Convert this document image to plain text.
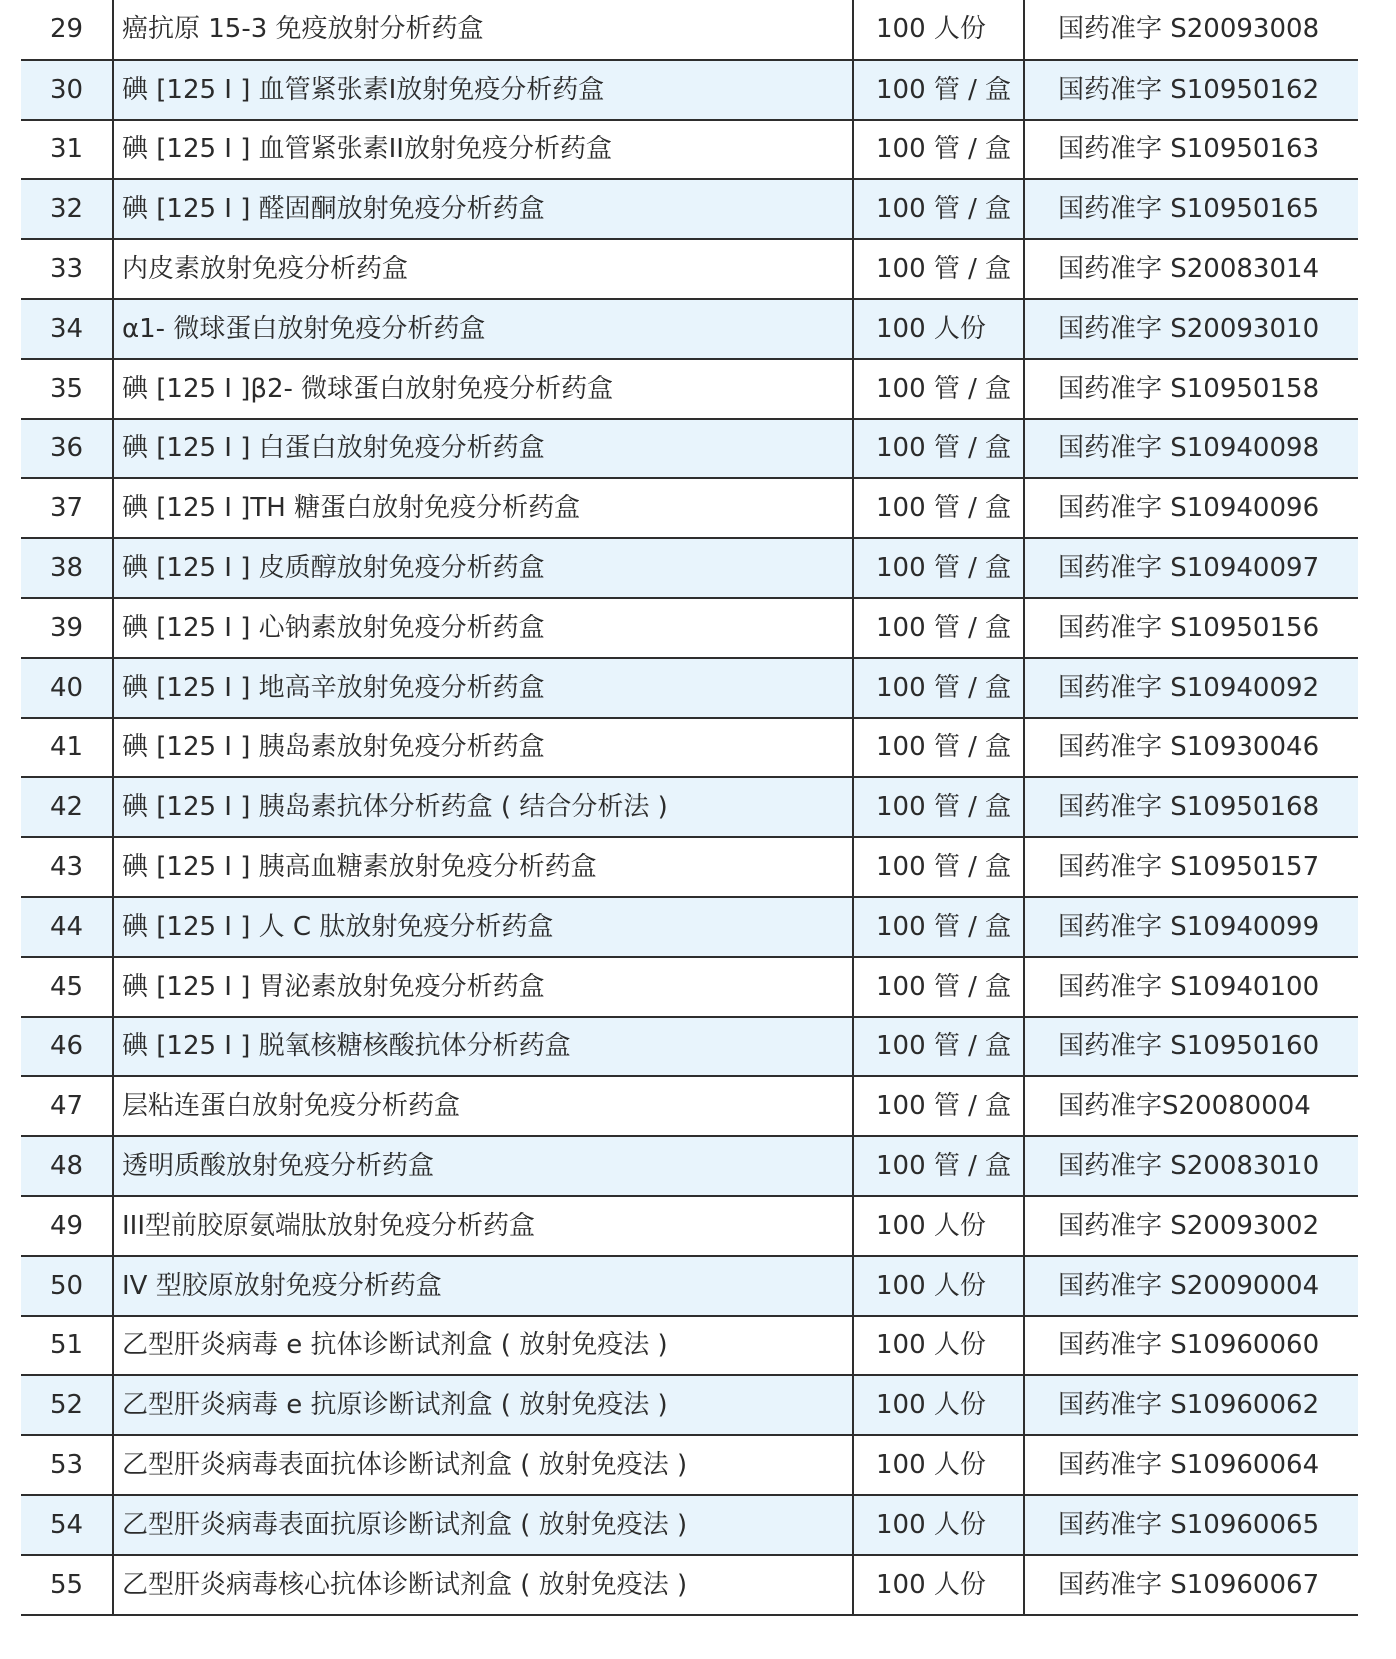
29	癌抗原 15-3 免疫放射分析药盒	100 人份	国药准字 S20093008
30	碘 [125 I ] 血管紧张素I放射免疫分析药盒	100 管 / 盒	国药准字 S10950162
31	碘 [125 I ] 血管紧张素II放射免疫分析药盒	100 管 / 盒	国药准字 S10950163
32	碘 [125 I ] 醛固酮放射免疫分析药盒	100 管 / 盒	国药准字 S10950165
33	内皮素放射免疫分析药盒	100 管 / 盒	国药准字 S20083014
34	α1- 微球蛋白放射免疫分析药盒	100 人份	国药准字 S20093010
35	碘 [125 I ]β2- 微球蛋白放射免疫分析药盒	100 管 / 盒	国药准字 S10950158
36	碘 [125 I ] 白蛋白放射免疫分析药盒	100 管 / 盒	国药准字 S10940098
37	碘 [125 I ]TH 糖蛋白放射免疫分析药盒	100 管 / 盒	国药准字 S10940096
38	碘 [125 I ] 皮质醇放射免疫分析药盒	100 管 / 盒	国药准字 S10940097
39	碘 [125 I ] 心钠素放射免疫分析药盒	100 管 / 盒	国药准字 S10950156
40	碘 [125 I ] 地高辛放射免疫分析药盒	100 管 / 盒	国药准字 S10940092
41	碘 [125 I ] 胰岛素放射免疫分析药盒	100 管 / 盒	国药准字 S10930046
42	碘 [125 I ] 胰岛素抗体分析药盒 ( 结合分析法 )	100 管 / 盒	国药准字 S10950168
43	碘 [125 I ] 胰高血糖素放射免疫分析药盒	100 管 / 盒	国药准字 S10950157
44	碘 [125 I ] 人 C 肽放射免疫分析药盒	100 管 / 盒	国药准字 S10940099
45	碘 [125 I ] 胃泌素放射免疫分析药盒	100 管 / 盒	国药准字 S10940100
46	碘 [125 I ] 脱氧核糖核酸抗体分析药盒	100 管 / 盒	国药准字 S10950160
47	层粘连蛋白放射免疫分析药盒	100 管 / 盒	国药准字S20080004
48	透明质酸放射免疫分析药盒	100 管 / 盒	国药准字 S20083010
49	III型前胶原氨端肽放射免疫分析药盒	100 人份	国药准字 S20093002
50	IV 型胶原放射免疫分析药盒	100 人份	国药准字 S20090004
51	乙型肝炎病毒 e 抗体诊断试剂盒 ( 放射免疫法 )	100 人份	国药准字 S10960060
52	乙型肝炎病毒 e 抗原诊断试剂盒 ( 放射免疫法 )	100 人份	国药准字 S10960062
53	乙型肝炎病毒表面抗体诊断试剂盒 ( 放射免疫法 )	100 人份	国药准字 S10960064
54	乙型肝炎病毒表面抗原诊断试剂盒 ( 放射免疫法 )	100 人份	国药准字 S10960065
55	乙型肝炎病毒核心抗体诊断试剂盒 ( 放射免疫法 )	100 人份	国药准字 S10960067
